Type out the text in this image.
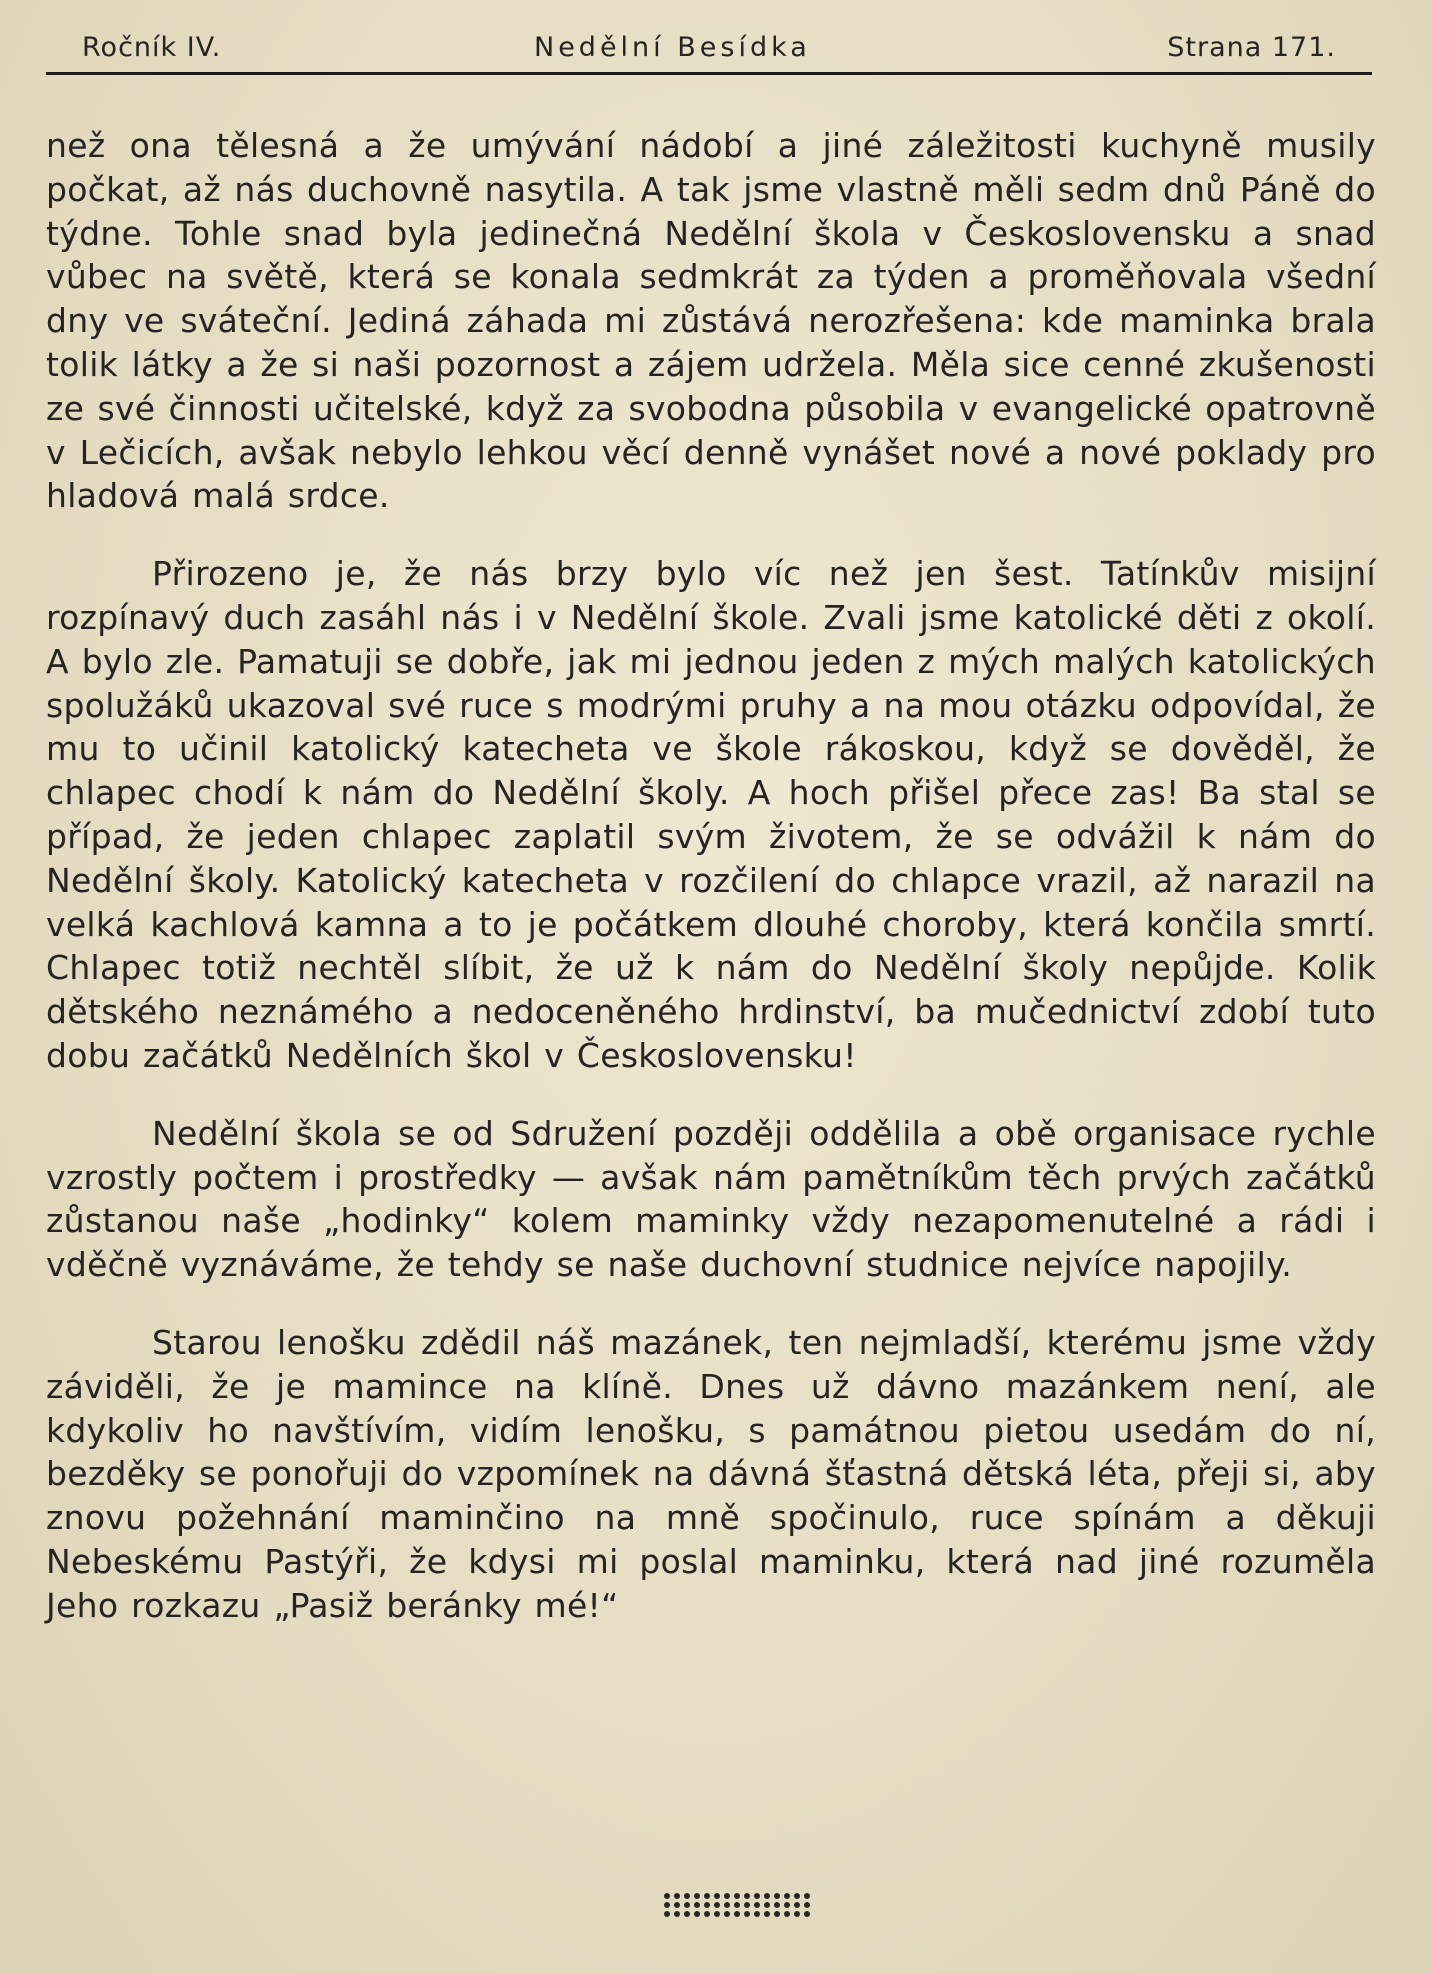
Ročník IV.	Nedělní Besídka	Strana 171.

než ona tělesná a že umývání nádobí a jiné záležitosti kuchyně musily počkat, až nás duchovně nasytila. A tak jsme vlastně měli sedm dnů Páně do týdne. Tohle snad byla jedinečná Nedělní škola v Československu a snad vůbec na světě, která se konala sedmkrát za týden a proměňovala všední dny ve sváteční. Jediná záhada mi zůstává nerozřešena: kde maminka brala tolik látky a že si naši pozornost a zájem udržela. Měla sice cenné zkušenosti ze své činnosti učitelské, když za svobodna působila v evangelické opatrovně v Lečicích, avšak nebylo lehkou věcí denně vynášet nové a nové poklady pro hladová malá srdce.

Přirozeno je, že nás brzy bylo víc než jen šest. Tatínkův misijní rozpínavý duch zasáhl nás i v Nedělní škole. Zvali jsme katolické děti z okolí. A bylo zle. Pamatuji se dobře, jak mi jednou jeden z mých malých katolických spolužáků ukazoval své ruce s modrými pruhy a na mou otázku odpovídal, že mu to učinil katolický katecheta ve škole rákoskou, když se dověděl, že chlapec chodí k nám do Nedělní školy. A hoch přišel přece zas! Ba stal se případ, že jeden chlapec zaplatil svým životem, že se odvážil k nám do Nedělní školy. Katolický katecheta v rozčilení do chlapce vrazil, až narazil na velká kachlová kamna a to je počátkem dlouhé choroby, která končila smrtí. Chlapec totiž nechtěl slíbit, že už k nám do Nedělní školy nepůjde. Kolik dětského neznámého a nedoceněného hrdinství, ba mučednictví zdobí tuto dobu začátků Nedělních škol v Československu!

Nedělní škola se od Sdružení později oddělila a obě organisace rychle vzrostly počtem i prostředky — avšak nám pamětníkům těch prvých začátků zůstanou naše „hodinky“ kolem maminky vždy nezapomenutelné a rádi i vděčně vyznáváme, že tehdy se naše duchovní studnice nejvíce napojily.

Starou lenošku zdědil náš mazánek, ten nejmladší, kterému jsme vždy záviděli, že je mamince na klíně. Dnes už dávno mazánkem není, ale kdykoliv ho navštívím, vidím lenošku, s památnou pietou usedám do ní, bezděky se ponořuji do vzpomínek na dávná šťastná dětská léta, přeji si, aby znovu požehnání maminčino na mně spočinulo, ruce spínám a děkuji Nebeskému Pastýři, že kdysi mi poslal maminku, která nad jiné rozuměla Jeho rozkazu „Pasiž beránky mé!“
